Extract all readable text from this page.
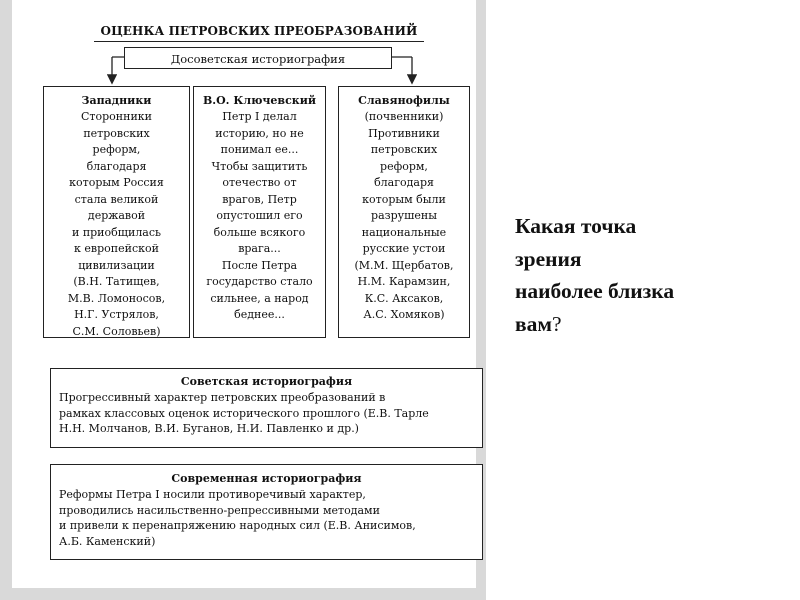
ОЦЕНКА ПЕТРОВСКИХ ПРЕОБРАЗОВАНИЙ
Досоветская историография
Западники
Сторонники
петровских
реформ,
благодаря
которым Россия
стала великой
державой
и приобщилась
к европейской
цивилизации
(В.Н. Татищев,
М.В. Ломоносов,
Н.Г. Устрялов,
С.М. Соловьев)
В.О. Ключевский
Петр I делал
историю, но не
понимал ее...
Чтобы защитить
отечество от
врагов, Петр
опустошил его
больше всякого
врага...
После Петра
государство стало
сильнее, а народ
беднее...
Славянофилы
(почвенники)
Противники
петровских
реформ,
благодаря
которым были
разрушены
национальные
русские устои
(М.М. Щербатов,
Н.М. Карамзин,
К.С. Аксаков,
А.С. Хомяков)
Советская историография
Прогрессивный характер петровских преобразований в
рамках классовых оценок исторического прошлого (Е.В. Тарле
Н.Н. Молчанов, В.И. Буганов, Н.И. Павленко и др.)
Современная историография
Реформы Петра I носили противоречивый характер,
проводились насильственно-репрессивными методами
и привели к перенапряжению народных сил (Е.В. Анисимов,
А.Б. Каменский)
Какая точка
зрения
наиболее близка
вам?
